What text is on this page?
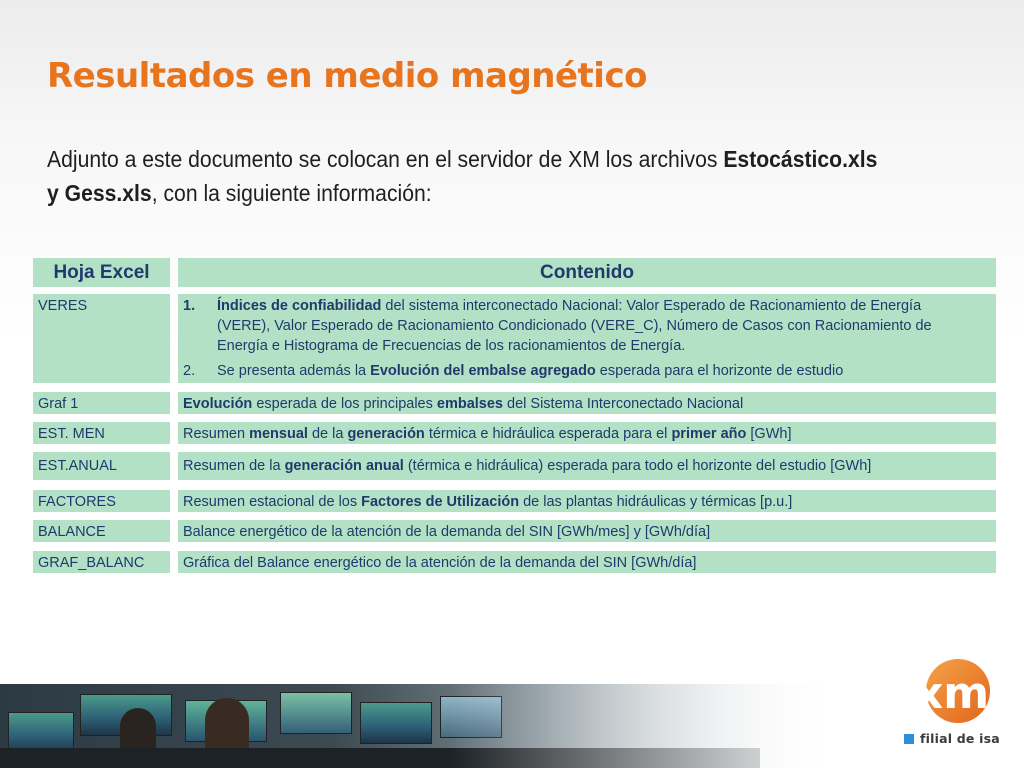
Resultados en medio magnético
Adjunto a este documento se colocan en el servidor de XM los archivos Estocástico.xls
y Gess.xls, con la siguiente información:
Hoja Excel	Contenido
VERES	1.	Índices de confiabilidad del sistema interconectado Nacional: Valor Esperado de Racionamiento de Energía (VERE), Valor Esperado de Racionamiento Condicionado (VERE_C), Número de Casos con Racionamiento de Energía e Histograma de Frecuencias de los racionamientos de Energía.
2.	Se presenta además la Evolución del embalse agregado esperada para el horizonte de estudio
Graf 1	Evolución esperada de los principales embalses del Sistema Interconectado Nacional
EST. MEN	Resumen mensual de la generación térmica e hidráulica esperada para el primer año [GWh]
EST.ANUAL	Resumen de la generación anual (térmica e hidráulica) esperada para todo el horizonte del estudio [GWh]
FACTORES	Resumen estacional de los Factores de Utilización de las plantas hidráulicas y térmicas [p.u.]
BALANCE	Balance energético de la atención de la demanda del SIN [GWh/mes] y [GWh/día]
GRAF_BALANC	Gráfica del Balance energético de la atención de la demanda del SIN [GWh/día]
xm
filial de isa
